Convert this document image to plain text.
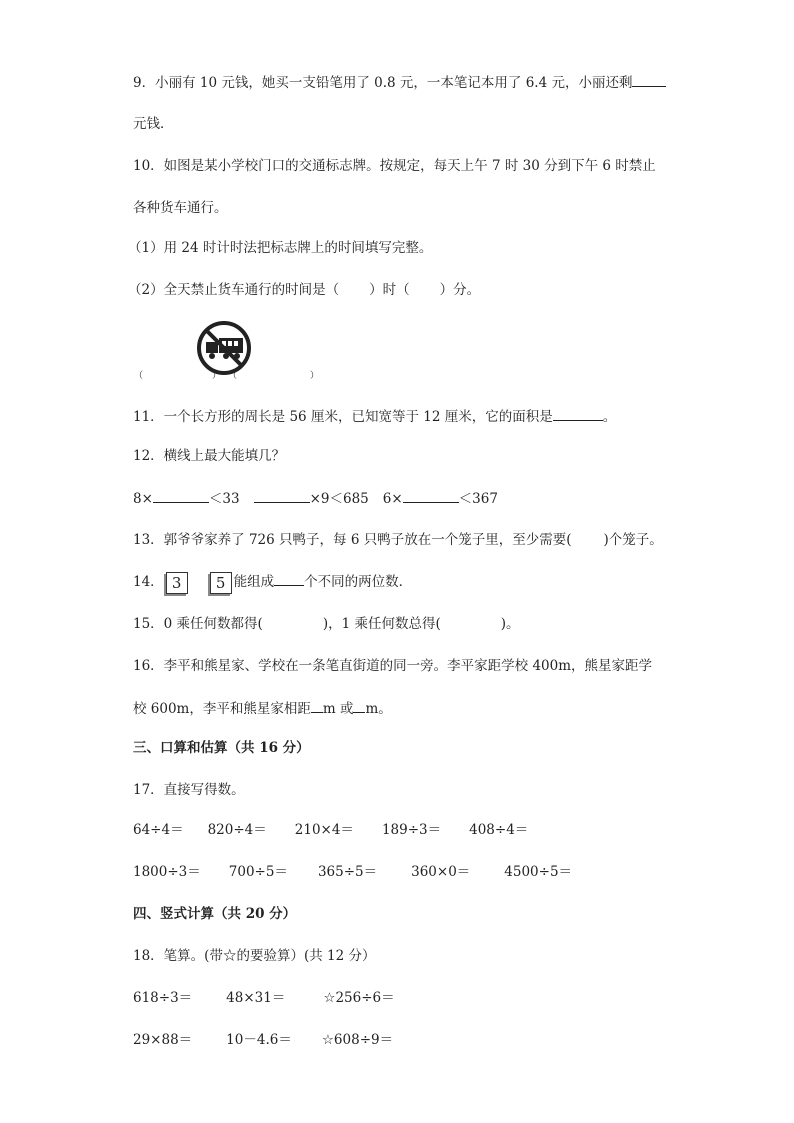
9．小丽有 10 元钱，她买一支铅笔用了 0.8 元，一本笔记本用了 6.4 元，小丽还剩
元钱．
10．如图是某小学校门口的交通标志牌。按规定，每天上午 7 时 30 分到下午 6 时禁止
各种货车通行。
（1）用 24 时计时法把标志牌上的时间填写完整。
（2）全天禁止货车通行的时间是（ ）时（ ）分。
（	） （	）
11．一个长方形的周长是 56 厘米，已知宽等于 12 厘米，它的面积是	。
12．横线上最大能填几？
8×	＜33	×9＜685 6×	＜367
13．郭爷爷家养了 726 只鸭子，每 6 只鸭子放在一个笼子里，至少需要( )个笼子。
14． 3 5 能组成 个不同的两位数．
15．0 乘任何数都得(	)，1 乘任何数总得(	)。
16．李平和熊星家、学校在一条笔直街道的同一旁。李平家距学校 400m，熊星家距学
校 600m，李平和熊星家相距 m 或 m。
三、口算和估算（共 16 分）
17．直接写得数。
64÷4＝ 820÷4＝ 210×4＝ 189÷3＝ 408÷4＝
1800÷3＝ 700÷5＝ 365÷5＝	360×0＝	4500÷5＝
四、竖式计算（共 20 分）
18．笔算。(带☆的要验算）(共 12 分）
618÷3＝	48×31＝	☆256÷6＝
29×88＝	10－4.6＝ ☆608÷9＝
